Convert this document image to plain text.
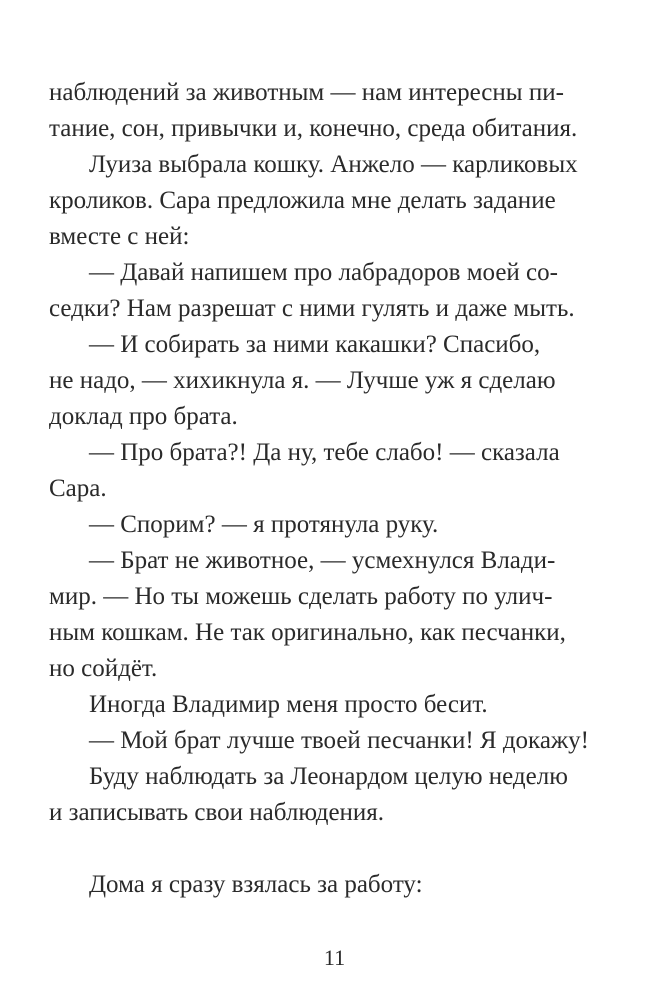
наблюдений за животным — нам интересны пи-

тание, сон, привычки и, конечно, среда обитания.

Луиза выбрала кошку. Анжело — карликовых

кроликов. Сара предложила мне делать задание

вместе с ней:

— Давай напишем про лабрадоров моей со-

седки? Нам разрешат с ними гулять и даже мыть.

— И собирать за ними какашки? Спасибо,

не надо, — хихикнула я. — Лучше уж я сделаю

доклад про брата.

— Про брата?! Да ну, тебе слабо! — сказала

Сара.

— Спорим? — я протянула руку.

— Брат не животное, — усмехнулся Влади-

мир. — Но ты можешь сделать работу по улич-

ным кошкам. Не так оригинально, как песчанки,

но сойдёт.

Иногда Владимир меня просто бесит.

— Мой брат лучше твоей песчанки! Я докажу!

Буду наблюдать за Леонардом целую неделю

и записывать свои наблюдения.

Дома я сразу взялась за работу:

11
